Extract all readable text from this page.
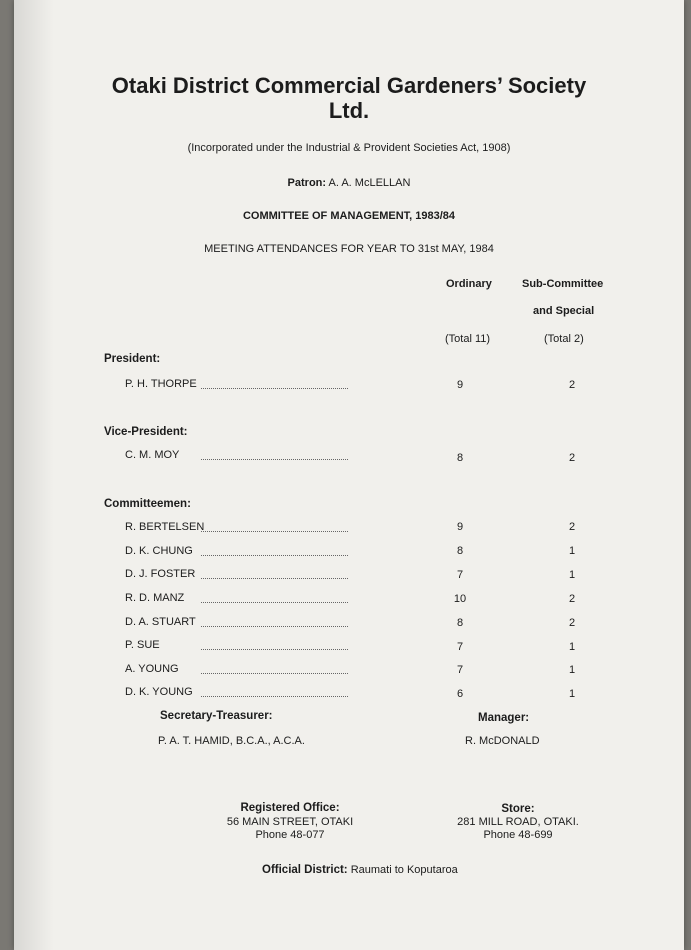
Otaki District Commercial Gardeners’ Society
Ltd.
(Incorporated under the Industrial & Provident Societies Act, 1908)
Patron: A. A. McLELLAN
COMMITTEE OF MANAGEMENT, 1983/84
MEETING ATTENDANCES FOR YEAR TO 31st MAY, 1984
Ordinary	Sub-Committee
and Special
(Total 11)	(Total 2)
President:
P. H. THORPE	9	2
Vice-President:
C. M. MOY	8	2
Committeemen:
R. BERTELSEN	9	2
D. K. CHUNG	8	1
D. J. FOSTER	7	1
R. D. MANZ	10	2
D. A. STUART	8	2
P. SUE	7	1
A. YOUNG	7	1
D. K. YOUNG	6	1
Secretary-Treasurer:
P. A. T. HAMID, B.C.A., A.C.A.
Manager:
R. McDONALD
Registered Office:
56 MAIN STREET, OTAKI
Phone 48-077
Store:
281 MILL ROAD, OTAKI.
Phone 48-699
Official District: Raumati to Koputaroa
